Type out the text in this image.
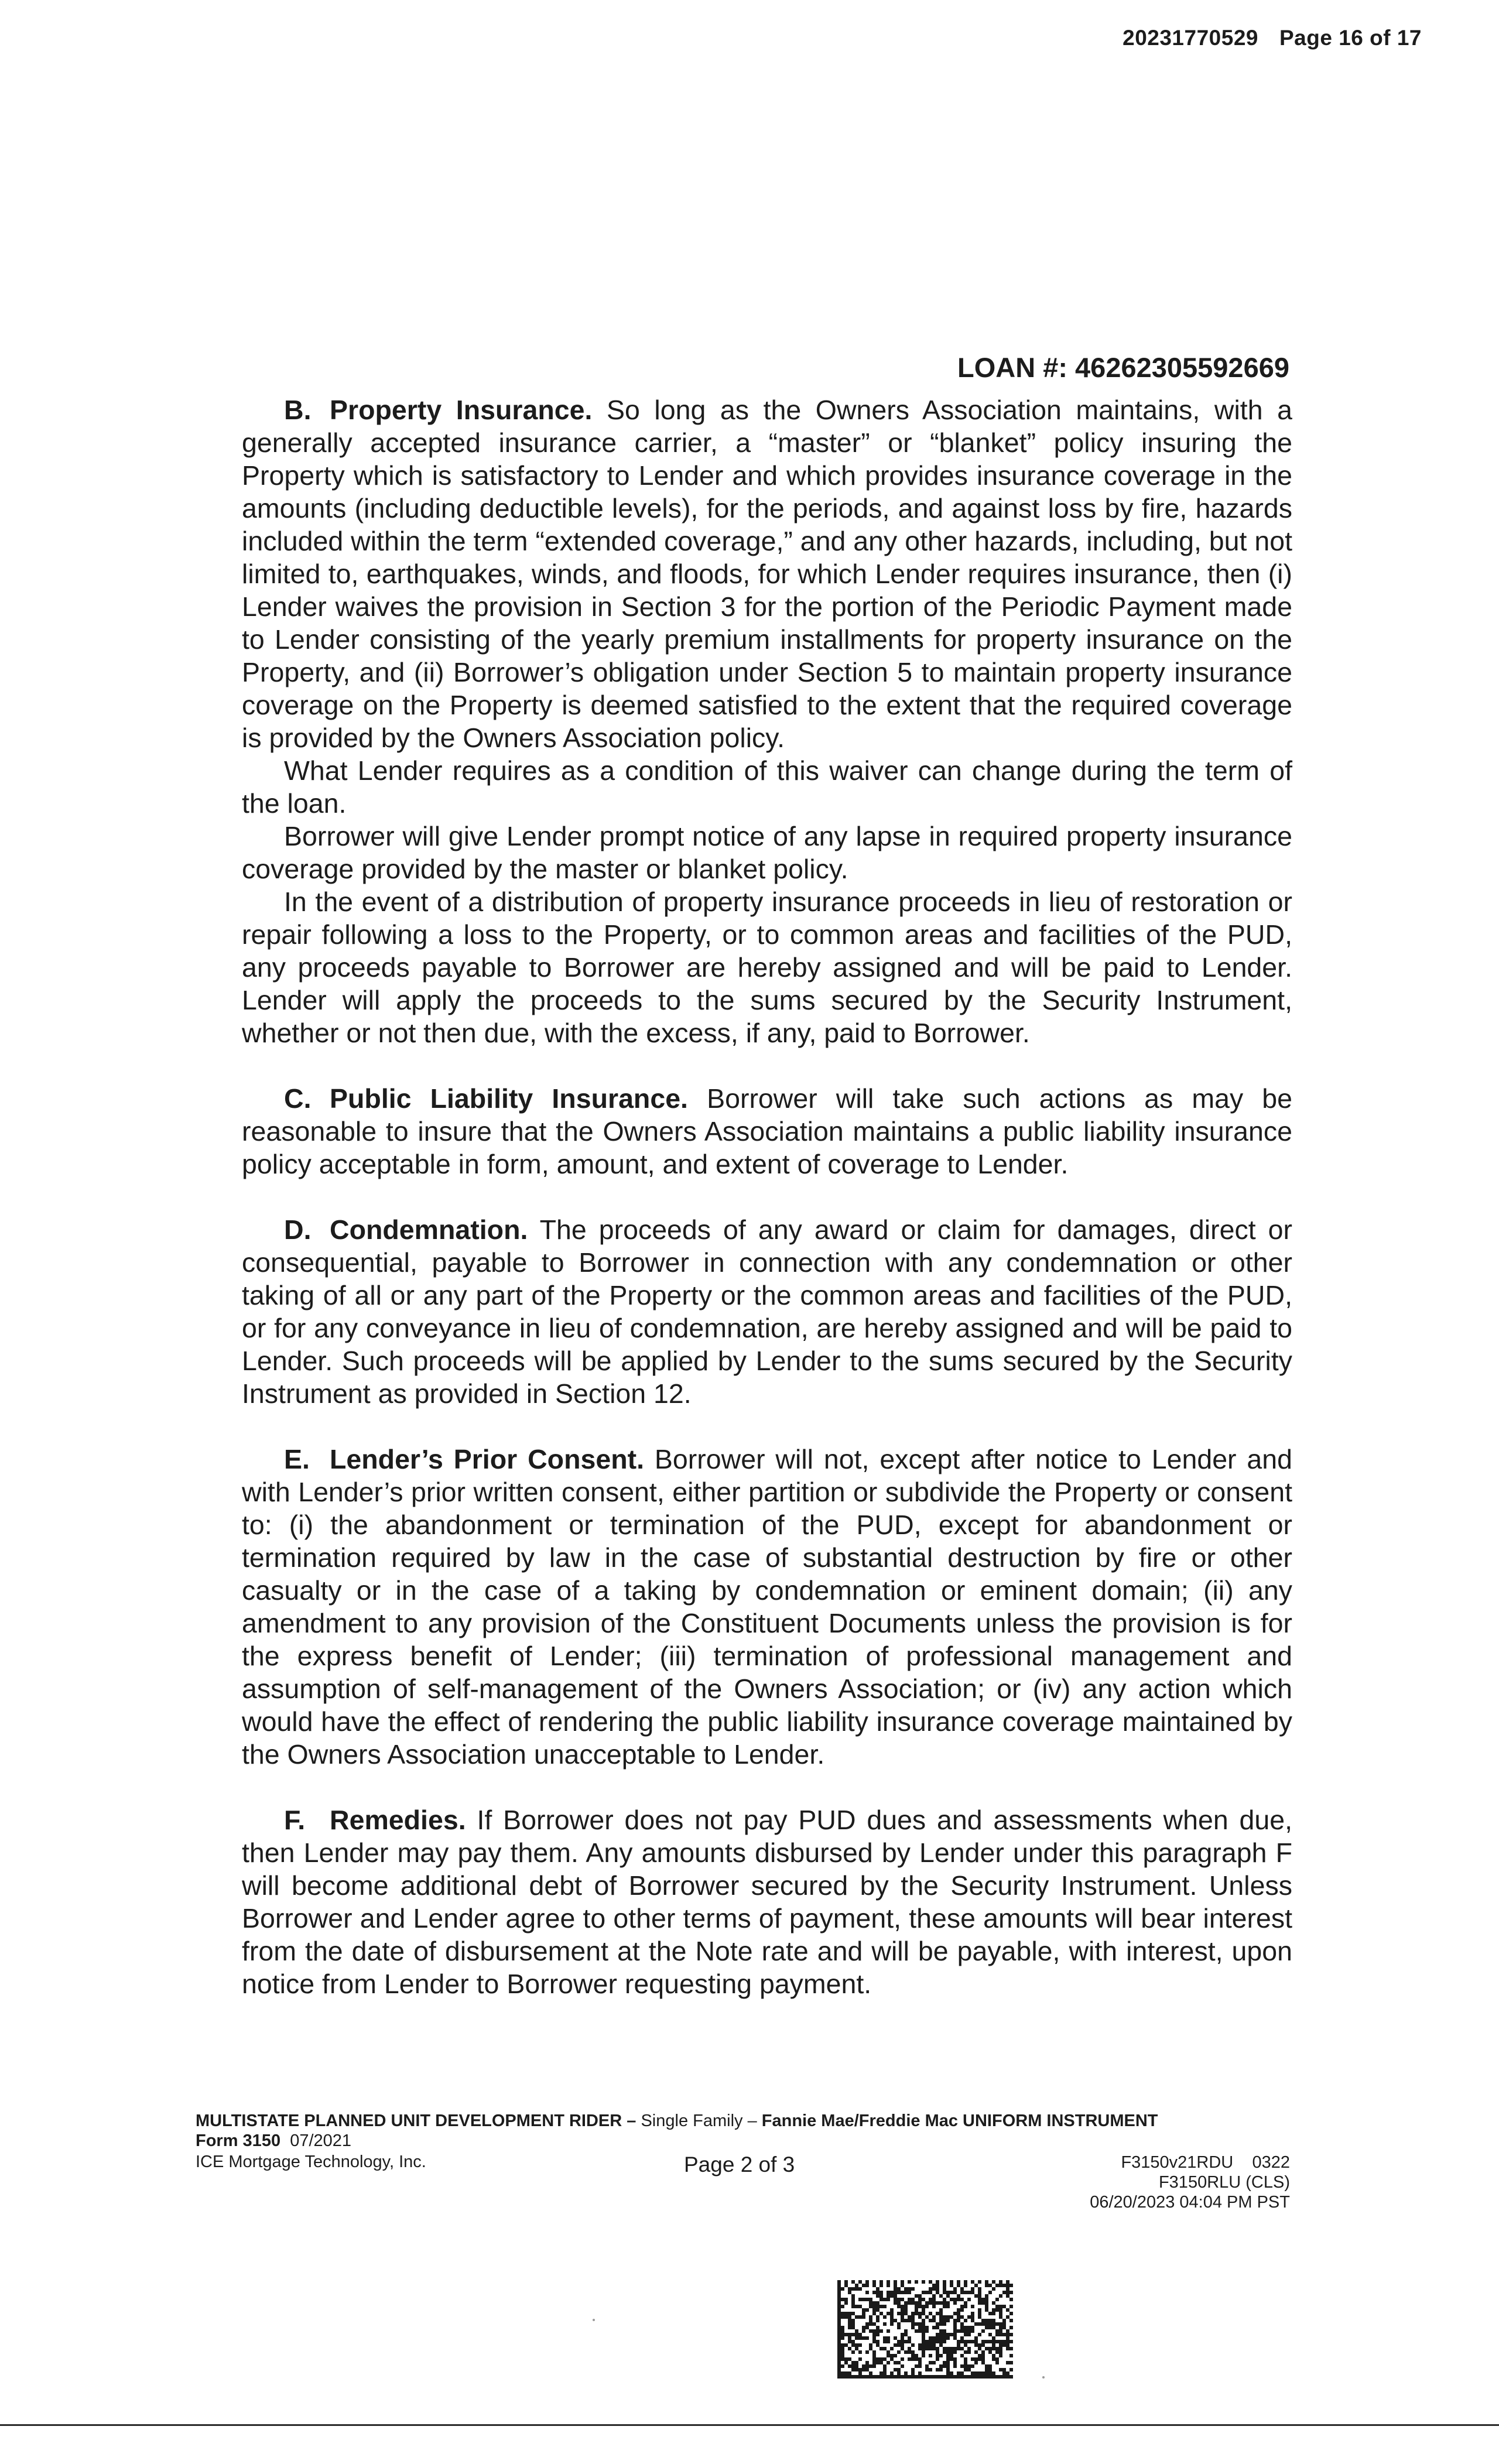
20231770529 Page 16 of 17
LOAN #: 46262305592669

B. Property Insurance. So long as the Owners Association maintains, with a generally accepted insurance carrier, a “master” or “blanket” policy insuring the Property which is satisfactory to Lender and which provides insurance coverage in the amounts (including deductible levels), for the periods, and against loss by fire, hazards included within the term “extended coverage,” and any other hazards, including, but not limited to, earthquakes, winds, and floods, for which Lender requires insurance, then (i) Lender waives the provision in Section 3 for the portion of the Periodic Payment made to Lender consisting of the yearly premium installments for property insurance on the Property, and (ii) Borrower’s obligation under Section 5 to maintain property insurance coverage on the Property is deemed satisfied to the extent that the required coverage is provided by the Owners Association policy.

What Lender requires as a condition of this waiver can change during the term of the loan.

Borrower will give Lender prompt notice of any lapse in required property insurance coverage provided by the master or blanket policy.

In the event of a distribution of property insurance proceeds in lieu of restoration or repair following a loss to the Property, or to common areas and facilities of the PUD, any proceeds payable to Borrower are hereby assigned and will be paid to Lender. Lender will apply the proceeds to the sums secured by the Security Instrument, whether or not then due, with the excess, if any, paid to Borrower.

C. Public Liability Insurance. Borrower will take such actions as may be reasonable to insure that the Owners Association maintains a public liability insurance policy acceptable in form, amount, and extent of coverage to Lender.

D. Condemnation. The proceeds of any award or claim for damages, direct or consequential, payable to Borrower in connection with any condemnation or other taking of all or any part of the Property or the common areas and facilities of the PUD, or for any conveyance in lieu of condemnation, are hereby assigned and will be paid to Lender. Such proceeds will be applied by Lender to the sums secured by the Security Instrument as provided in Section 12.

E. Lender’s Prior Consent. Borrower will not, except after notice to Lender and with Lender’s prior written consent, either partition or subdivide the Property or consent to: (i) the abandonment or termination of the PUD, except for abandonment or termination required by law in the case of substantial destruction by fire or other casualty or in the case of a taking by condemnation or eminent domain; (ii) any amendment to any provision of the Constituent Documents unless the provision is for the express benefit of Lender; (iii) termination of professional management and assumption of self-management of the Owners Association; or (iv) any action which would have the effect of rendering the public liability insurance coverage maintained by the Owners Association unacceptable to Lender.

F. Remedies. If Borrower does not pay PUD dues and assessments when due, then Lender may pay them. Any amounts disbursed by Lender under this paragraph F will become additional debt of Borrower secured by the Security Instrument. Unless Borrower and Lender agree to other terms of payment, these amounts will bear interest from the date of disbursement at the Note rate and will be payable, with interest, upon notice from Lender to Borrower requesting payment.

MULTISTATE PLANNED UNIT DEVELOPMENT RIDER – Single Family – Fannie Mae/Freddie Mac UNIFORM INSTRUMENT
Form 3150 07/2021
ICE Mortgage Technology, Inc.	Page 2 of 3	F3150v21RDU    0322
F3150RLU (CLS)
06/20/2023 04:04 PM PST
